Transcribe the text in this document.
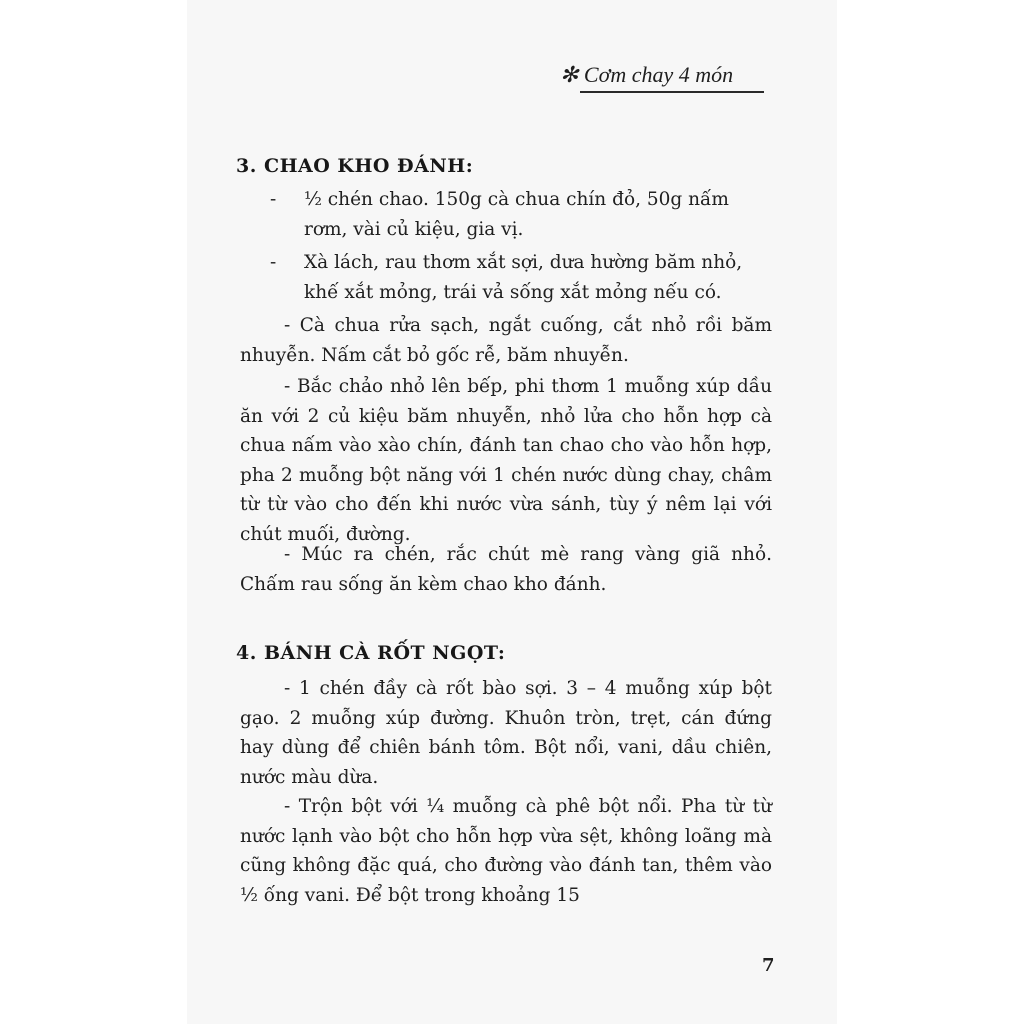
✻ Cơm chay 4 món
3. CHAO KHO ĐÁNH:
- ½ chén chao. 150g cà chua chín đỏ, 50g nấm rơm, vài củ kiệu, gia vị.
- Xà lách, rau thơm xắt sợi, dưa hường băm nhỏ, khế xắt mỏng, trái vả sống xắt mỏng nếu có.
- Cà chua rửa sạch, ngắt cuống, cắt nhỏ rồi băm nhuyễn. Nấm cắt bỏ gốc rễ, băm nhuyễn.
- Bắc chảo nhỏ lên bếp, phi thơm 1 muỗng xúp dầu ăn với 2 củ kiệu băm nhuyễn, nhỏ lửa cho hỗn hợp cà chua nấm vào xào chín, đánh tan chao cho vào hỗn hợp, pha 2 muỗng bột năng với 1 chén nước dùng chay, châm từ từ vào cho đến khi nước vừa sánh, tùy ý nêm lại với chút muối, đường.
- Múc ra chén, rắc chút mè rang vàng giã nhỏ. Chấm rau sống ăn kèm chao kho đánh.
4. BÁNH CÀ RỐT NGỌT:
- 1 chén đầy cà rốt bào sợi. 3 – 4 muỗng xúp bột gạo. 2 muỗng xúp đường. Khuôn tròn, trẹt, cán đứng hay dùng để chiên bánh tôm. Bột nổi, vani, dầu chiên, nước màu dừa.
- Trộn bột với ¼ muỗng cà phê bột nổi. Pha từ từ nước lạnh vào bột cho hỗn hợp vừa sệt, không loãng mà cũng không đặc quá, cho đường vào đánh tan, thêm vào ½ ống vani. Để bột trong khoảng 15
7
